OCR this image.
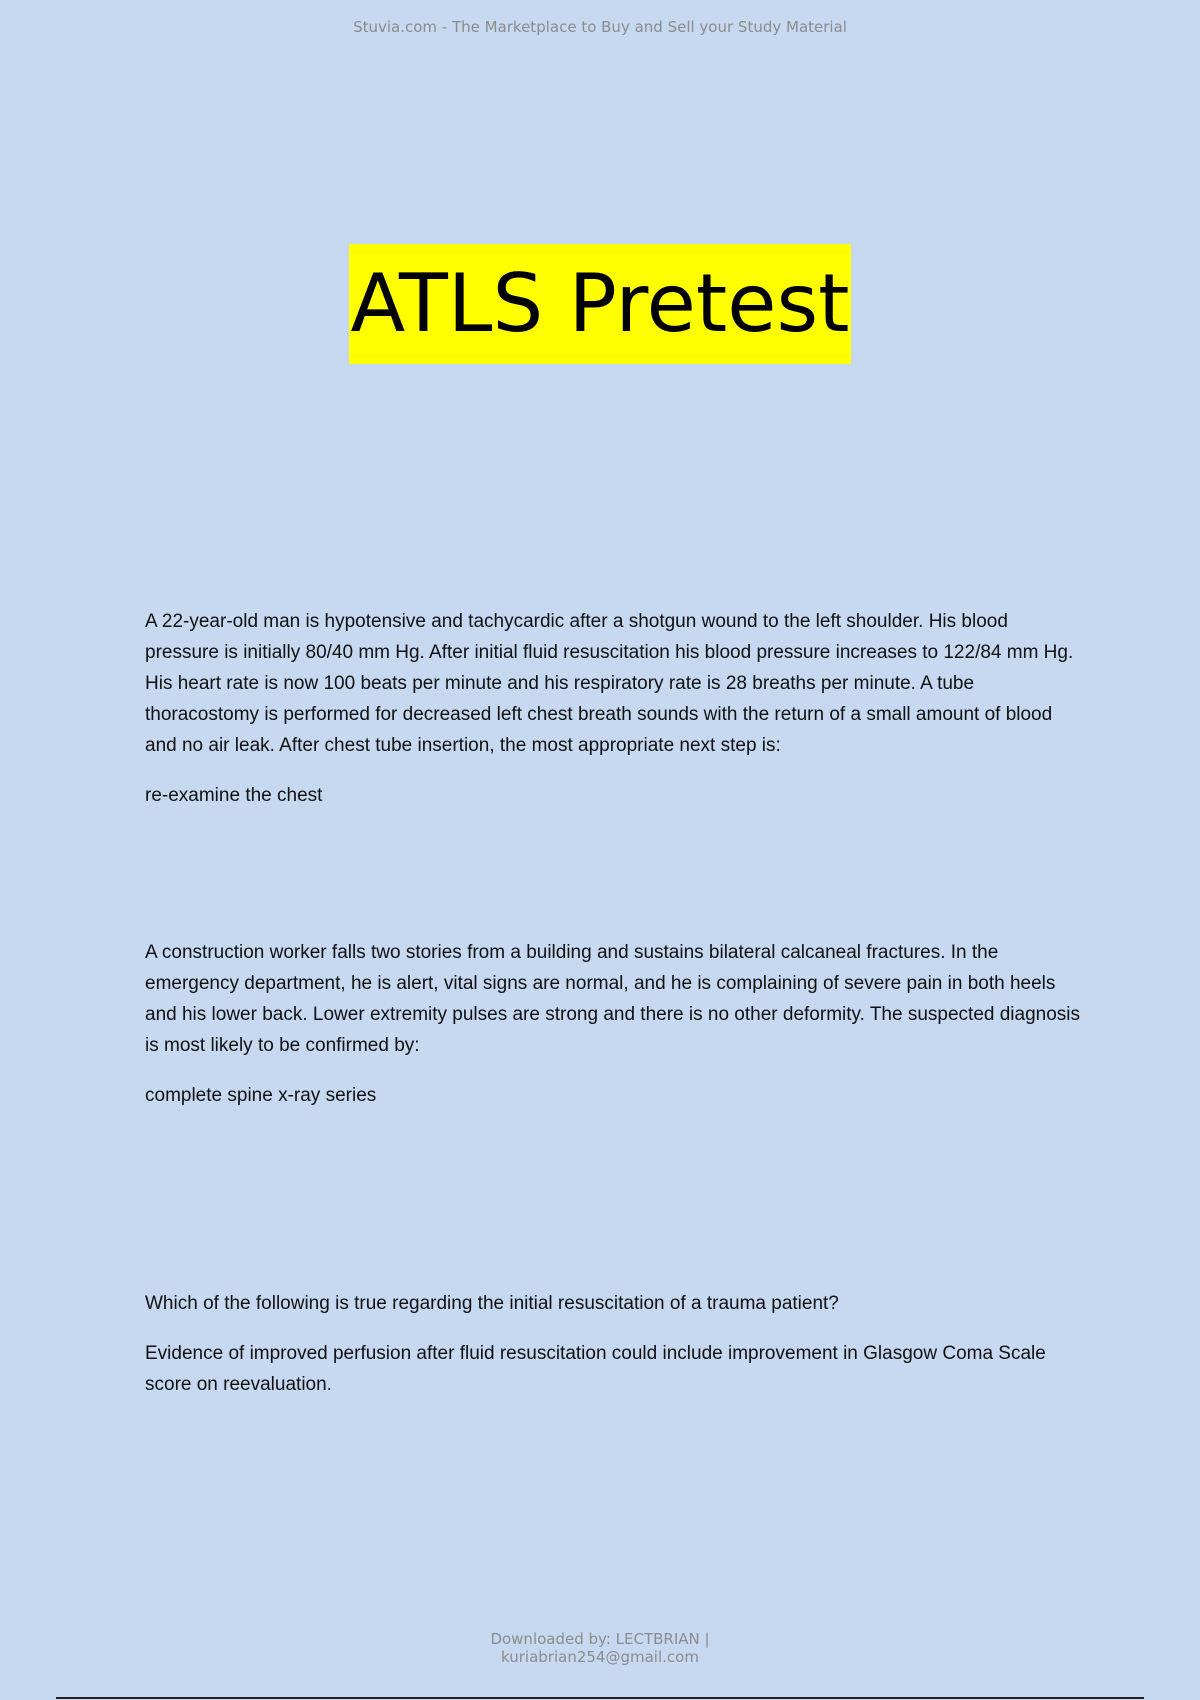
Stuvia.com - The Marketplace to Buy and Sell your Study Material
ATLS Pretest

A 22-year-old man is hypotensive and tachycardic after a shotgun wound to the left shoulder. His blood pressure is initially 80/40 mm Hg. After initial fluid resuscitation his blood pressure increases to 122/84 mm Hg. His heart rate is now 100 beats per minute and his respiratory rate is 28 breaths per minute. A tube thoracostomy is performed for decreased left chest breath sounds with the return of a small amount of blood and no air leak. After chest tube insertion, the most appropriate next step is:

re-examine the chest

A construction worker falls two stories from a building and sustains bilateral calcaneal fractures. In the emergency department, he is alert, vital signs are normal, and he is complaining of severe pain in both heels and his lower back. Lower extremity pulses are strong and there is no other deformity. The suspected diagnosis is most likely to be confirmed by:

complete spine x-ray series

Which of the following is true regarding the initial resuscitation of a trauma patient?

Evidence of improved perfusion after fluid resuscitation could include improvement in Glasgow Coma Scale score on reevaluation.

Downloaded by: LECTBRIAN |
kuriabrian254@gmail.com
